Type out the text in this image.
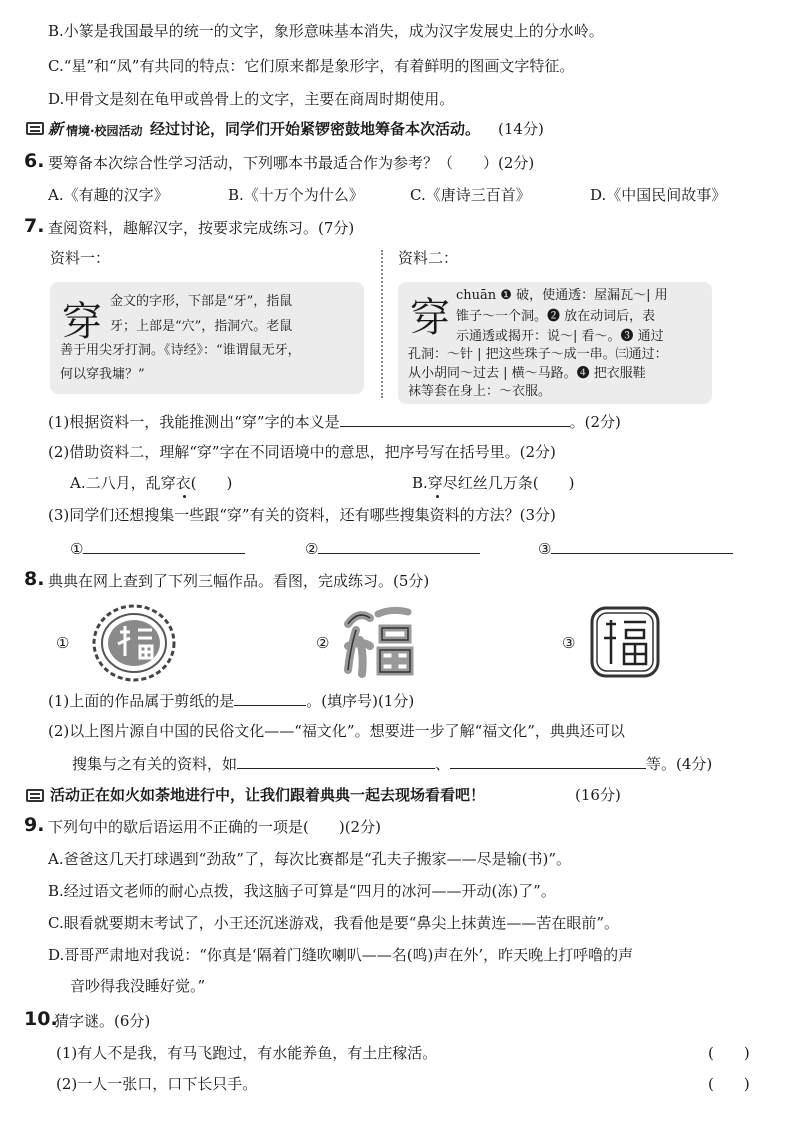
B.小篆是我国最早的统一的文字，象形意味基本消失，成为汉字发展史上的分水岭。
C.“星”和“凤”有共同的特点：它们原来都是象形字，有着鲜明的图画文字特征。
D.甲骨文是刻在龟甲或兽骨上的文字，主要在商周时期使用。
新 情境·校园活动 经过讨论，同学们开始紧锣密鼓地筹备本次活动。 (14分)
6. 要筹备本次综合性学习活动，下列哪本书最适合作为参考？（　　）(2分)
A.《有趣的汉字》	B.《十万个为什么》	C.《唐诗三百首》	D.《中国民间故事》
7. 查阅资料，趣解汉字，按要求完成练习。(7分)
资料一：	资料二：
穿 金文的字形，下部是“牙”，指鼠
牙；上部是“穴”，指洞穴。老鼠
善于用尖牙打洞。《诗经》：“谁谓鼠无牙，
何以穿我墉？”
穿 chuān ❶ 破，使通透：屋漏瓦～| 用
锥子～一个洞。❷ 放在动词后，表
示通透或揭开：说～| 看～。❸ 通过
孔洞：～针 | 把这些珠子～成一串。㈢通过：
从小胡同～过去 | 横～马路。❹ 把衣服鞋
袜等套在身上：～衣服。
(1)根据资料一，我能推测出“穿”字的本义是	。(2分)
(2)借助资料二，理解“穿”字在不同语境中的意思，把序号写在括号里。(2分)
A.二八月，乱穿衣(　　)	B.穿尽红丝几万条(　　)
(3)同学们还想搜集一些跟“穿”有关的资料，还有哪些搜集资料的方法？(3分)
①	②	③
8. 典典在网上查到了下列三幅作品。看图，完成练习。(5分)
①	②	③
(1)上面的作品属于剪纸的是	。(填序号)(1分)
(2)以上图片源自中国的民俗文化——“福文化”。想要进一步了解“福文化”，典典还可以
搜集与之有关的资料，如	、	等。(4分)
活动正在如火如荼地进行中，让我们跟着典典一起去现场看看吧！	(16分)
9. 下列句中的歇后语运用不正确的一项是(　　)(2分)
A.爸爸这几天打球遇到“劲敌”了，每次比赛都是“孔夫子搬家——尽是输(书)”。
B.经过语文老师的耐心点拨，我这脑子可算是“四月的冰河——开动(冻)了”。
C.眼看就要期末考试了，小王还沉迷游戏，我看他是要“鼻尖上抹黄连——苦在眼前”。
D.哥哥严肃地对我说：“你真是‘隔着门缝吹喇叭——名(鸣)声在外’，昨天晚上打呼噜的声
音吵得我没睡好觉。”
10.
猜字谜。(6分)
(1)有人不是我，有马飞跑过，有水能养鱼，有土庄稼活。	(　　)
(2)一人一张口，口下长只手。	(　　)
